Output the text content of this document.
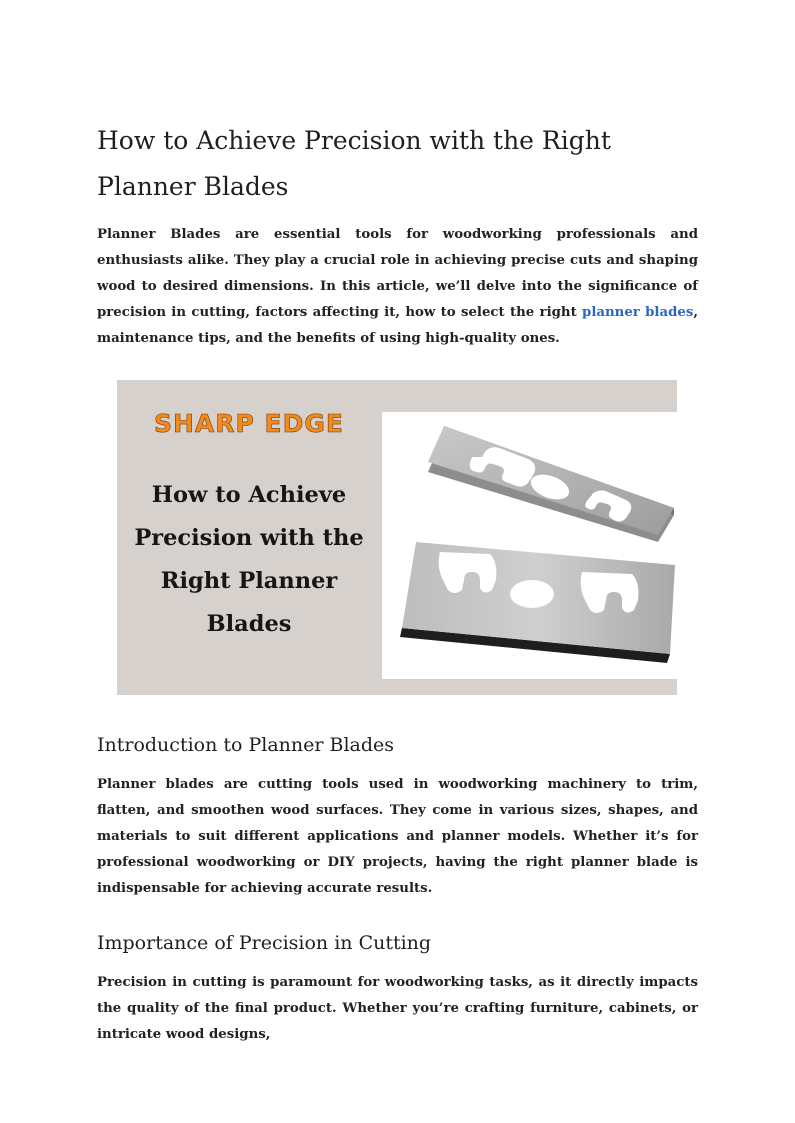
How to Achieve Precision with the Right Planner Blades

Planner Blades are essential tools for woodworking professionals and enthusiasts alike. They play a crucial role in achieving precise cuts and shaping wood to desired dimensions. In this article, we’ll delve into the significance of precision in cutting, factors affecting it, how to select the right planner blades, maintenance tips, and the benefits of using high-quality ones.

SHARP EDGE
How to Achieve
Precision with the
Right Planner
Blades
Introduction to Planner Blades

Planner blades are cutting tools used in woodworking machinery to trim, flatten, and smoothen wood surfaces. They come in various sizes, shapes, and materials to suit different applications and planner models. Whether it’s for professional woodworking or DIY projects, having the right planner blade is indispensable for achieving accurate results.

Importance of Precision in Cutting

Precision in cutting is paramount for woodworking tasks, as it directly impacts the quality of the final product. Whether you’re crafting furniture, cabinets, or intricate wood designs,
